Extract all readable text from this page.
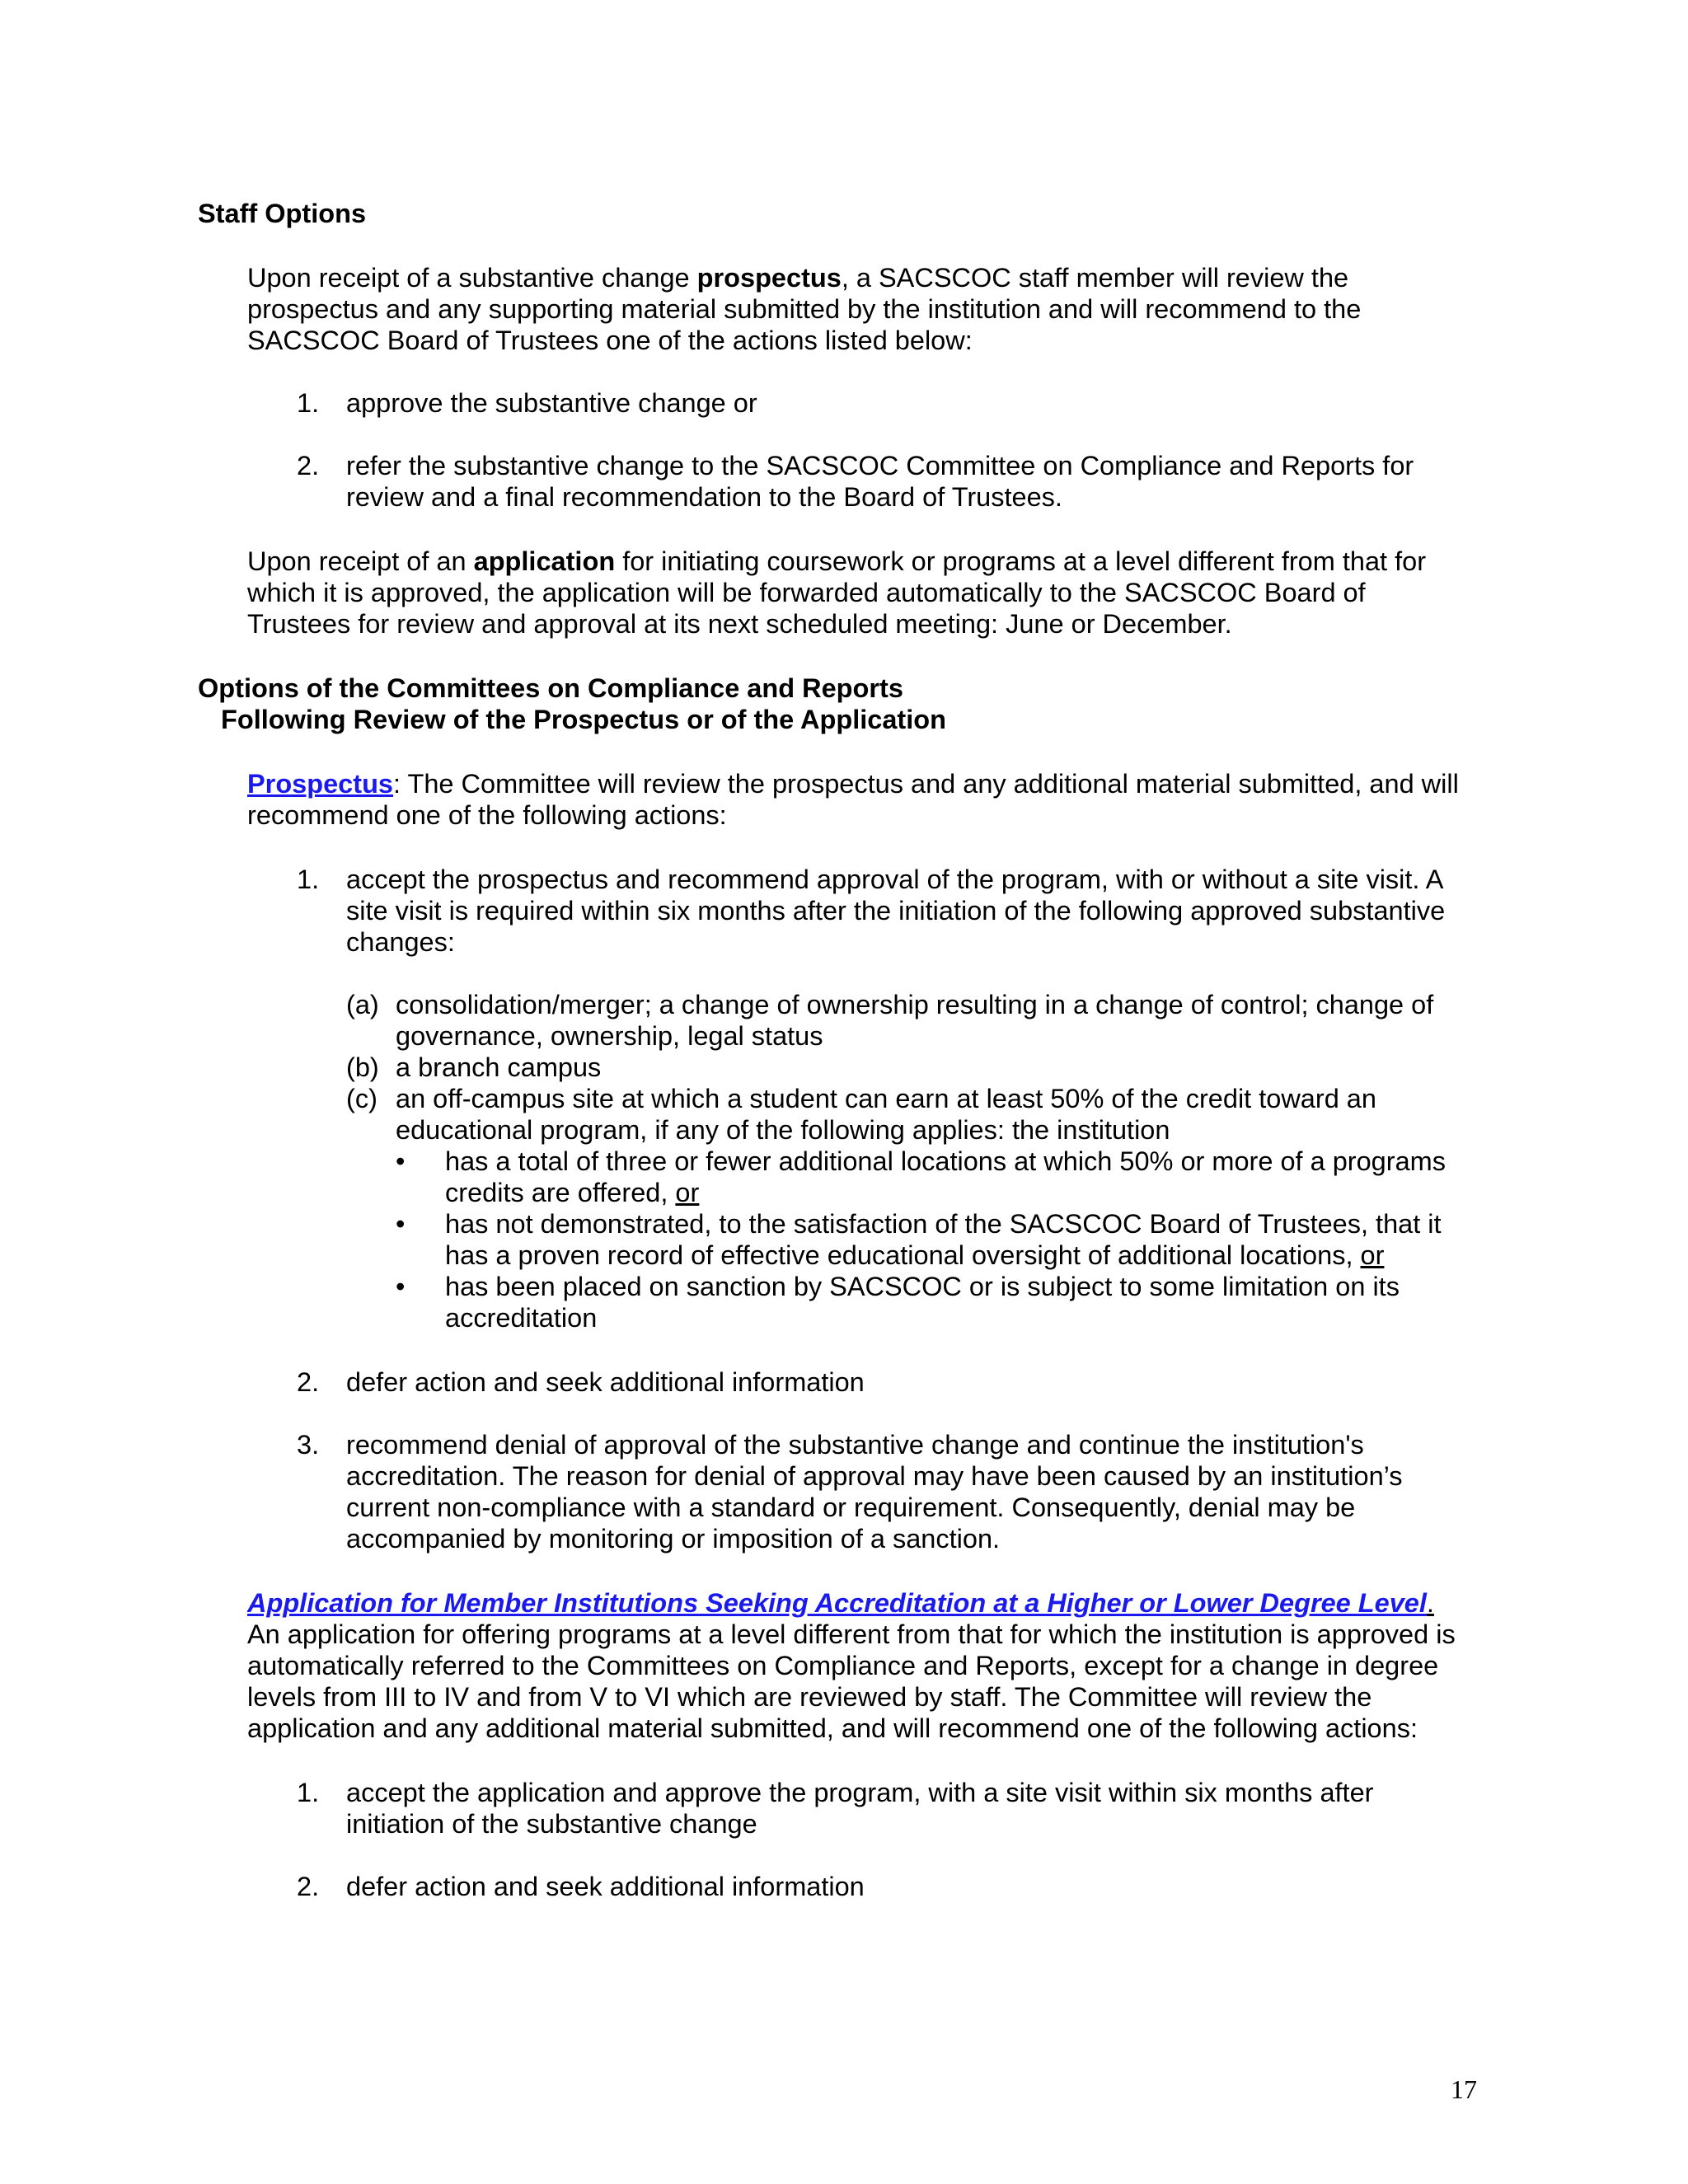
Staff Options
Upon receipt of a substantive change prospectus, a SACSCOC staff member will review the
prospectus and any supporting material submitted by the institution and will recommend to the
SACSCOC Board of Trustees one of the actions listed below:
1. approve the substantive change or
2. refer the substantive change to the SACSCOC Committee on Compliance and Reports for
review and a final recommendation to the Board of Trustees.
Upon receipt of an application for initiating coursework or programs at a level different from that for
which it is approved, the application will be forwarded automatically to the SACSCOC Board of
Trustees for review and approval at its next scheduled meeting: June or December.
Options of the Committees on Compliance and Reports
Following Review of the Prospectus or of the Application
Prospectus: The Committee will review the prospectus and any additional material submitted, and will
recommend one of the following actions:
1. accept the prospectus and recommend approval of the program, with or without a site visit. A
site visit is required within six months after the initiation of the following approved substantive
changes:
(a) consolidation/merger; a change of ownership resulting in a change of control; change of
governance, ownership, legal status
(b) a branch campus
(c) an off-campus site at which a student can earn at least 50% of the credit toward an
educational program, if any of the following applies: the institution
• has a total of three or fewer additional locations at which 50% or more of a programs
credits are offered, or
• has not demonstrated, to the satisfaction of the SACSCOC Board of Trustees, that it
has a proven record of effective educational oversight of additional locations, or
• has been placed on sanction by SACSCOC or is subject to some limitation on its
accreditation
2. defer action and seek additional information
3. recommend denial of approval of the substantive change and continue the institution's
accreditation. The reason for denial of approval may have been caused by an institution’s
current non-compliance with a standard or requirement. Consequently, denial may be
accompanied by monitoring or imposition of a sanction.
Application for Member Institutions Seeking Accreditation at a Higher or Lower Degree Level.
An application for offering programs at a level different from that for which the institution is approved is
automatically referred to the Committees on Compliance and Reports, except for a change in degree
levels from III to IV and from V to VI which are reviewed by staff. The Committee will review the
application and any additional material submitted, and will recommend one of the following actions:
1. accept the application and approve the program, with a site visit within six months after
initiation of the substantive change
2. defer action and seek additional information
17
